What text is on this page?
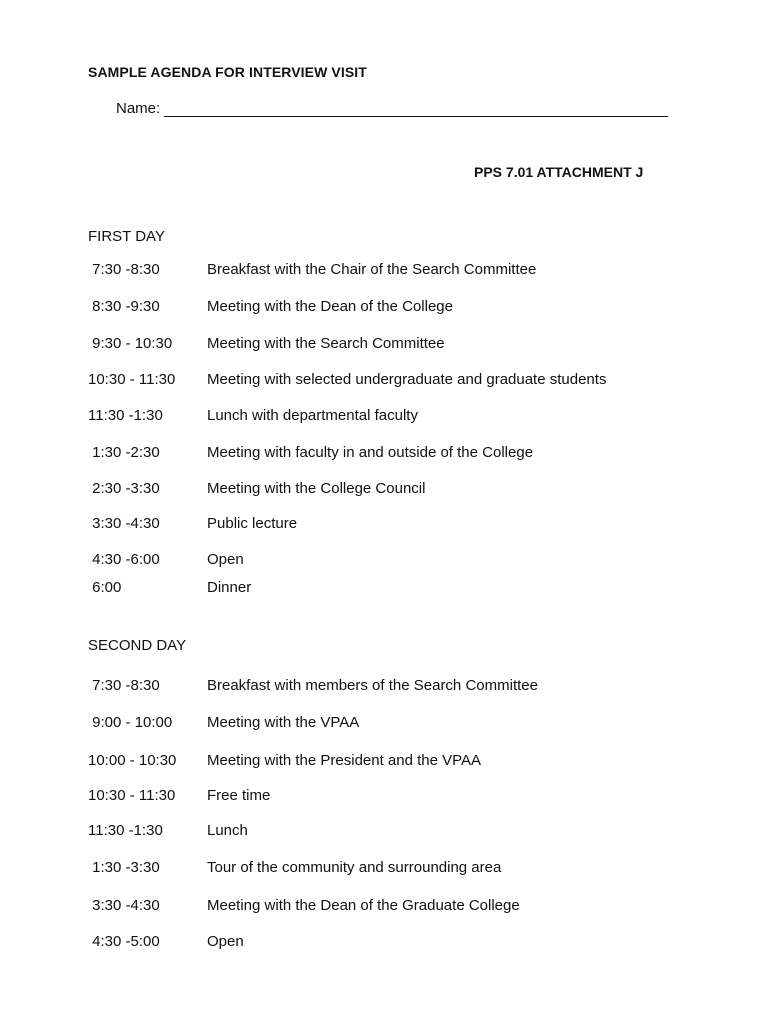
SAMPLE AGENDA FOR INTERVIEW VISIT
Name:
PPS 7.01 ATTACHMENT J
FIRST DAY
7:30 -8:30	Breakfast with the Chair of the Search Committee
8:30 -9:30	Meeting with the Dean of the College
9:30 - 10:30 Meeting with the Search Committee
10:30 - 11:30 Meeting with selected undergraduate and graduate students
11:30 -1:30	Lunch with departmental faculty
1:30 -2:30	Meeting with faculty in and outside of the College
2:30 -3:30	Meeting with the College Council
3:30 -4:30	Public lecture
4:30 -6:00	Open
6:00	Dinner
SECOND DAY
7:30 -8:30	Breakfast with members of the Search Committee
9:00 - 10:00 Meeting with the VPAA
10:00 - 10:30 Meeting with the President and the VPAA
10:30 - 11:30 Free time
11:30 -1:30	Lunch
1:30 -3:30	Tour of the community and surrounding area
3:30 -4:30	Meeting with the Dean of the Graduate College
4:30 -5:00	Open
